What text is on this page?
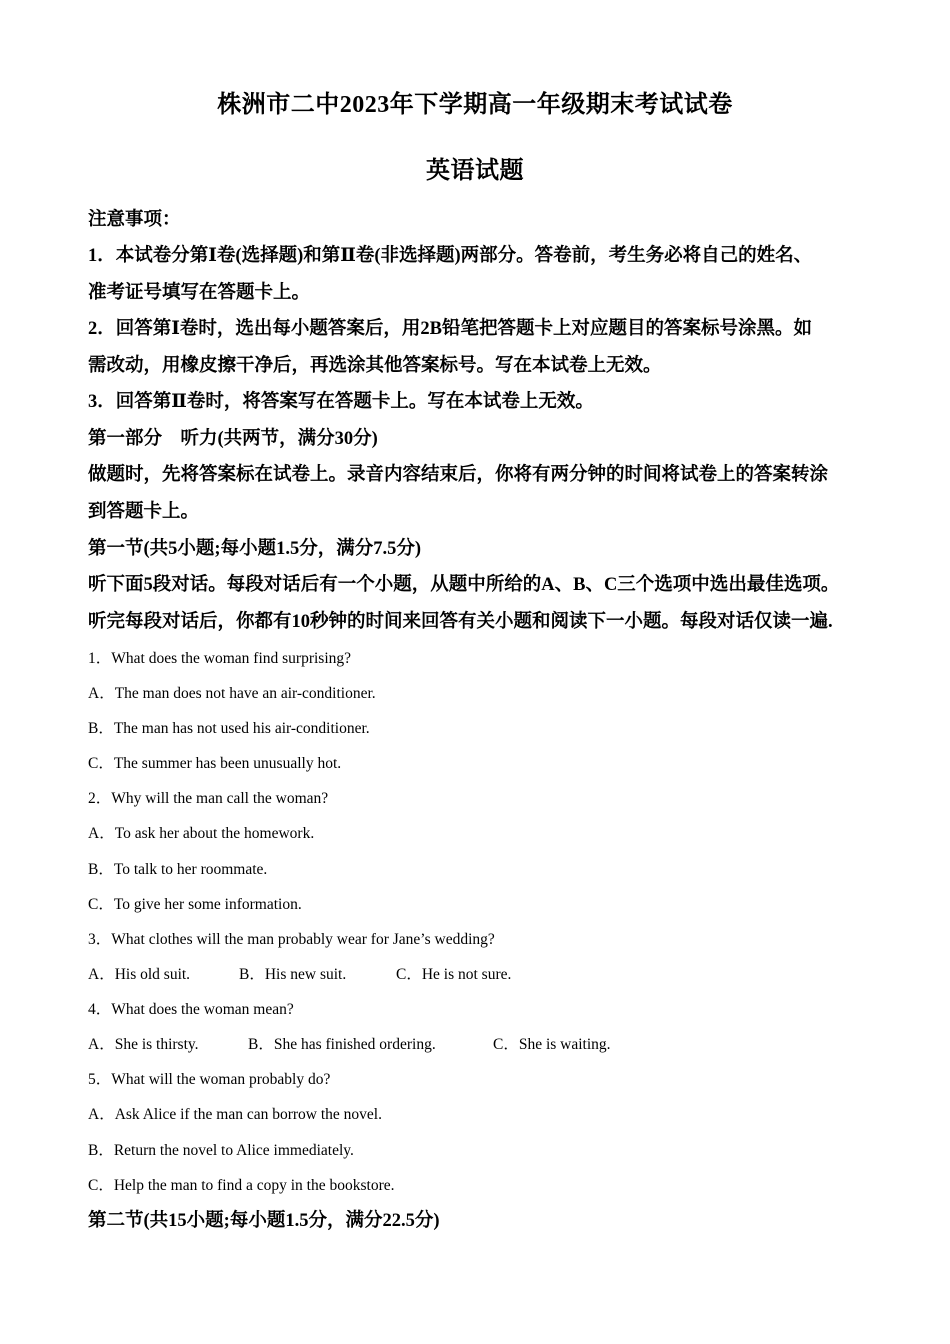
株洲市二中2023年下学期高一年级期末考试试卷
英语试题
注意事项：
1．本试卷分第Ⅰ卷(选择题)和第Ⅱ卷(非选择题)两部分。答卷前，考生务必将自己的姓名、
准考证号填写在答题卡上。
2．回答第Ⅰ卷时，选出每小题答案后，用2B铅笔把答题卡上对应题目的答案标号涂黑。如
需改动，用橡皮擦干净后，再选涂其他答案标号。写在本试卷上无效。
3．回答第Ⅱ卷时，将答案写在答题卡上。写在本试卷上无效。
第一部分　听力(共两节，满分30分)
做题时，先将答案标在试卷上。录音内容结束后，你将有两分钟的时间将试卷上的答案转涂
到答题卡上。
第一节(共5小题;每小题1.5分，满分7.5分)
听下面5段对话。每段对话后有一个小题，从题中所给的A、B、C三个选项中选出最佳选项。
听完每段对话后，你都有10秒钟的时间来回答有关小题和阅读下一小题。每段对话仅读一遍.
1．What does the woman find surprising?
A．The man does not have an air-conditioner.
B．The man has not used his air-conditioner.
C．The summer has been unusually hot.
2．Why will the man call the woman?
A．To ask her about the homework.
B．To talk to her roommate.
C．To give her some information.
3．What clothes will the man probably wear for Jane’s wedding?
A．His old suit.	B．His new suit.	C．He is not sure.
4．What does the woman mean?
A．She is thirsty.	B．She has finished ordering.	C．She is waiting.
5．What will the woman probably do?
A．Ask Alice if the man can borrow the novel.
B．Return the novel to Alice immediately.
C．Help the man to find a copy in the bookstore.
第二节(共15小题;每小题1.5分，满分22.5分)
